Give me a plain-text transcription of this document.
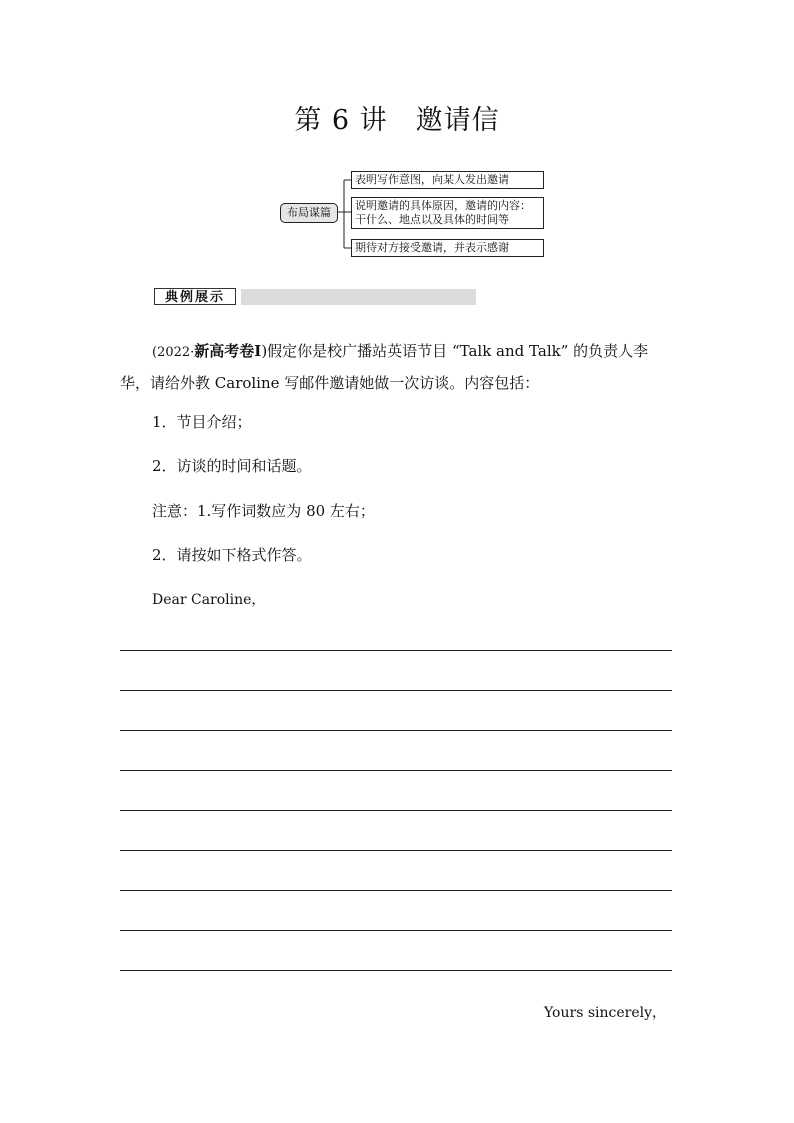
第 6 讲　邀请信
布局谋篇
表明写作意图，向某人发出邀请
说明邀请的具体原因，邀请的内容：干什么、地点以及具体的时间等
期待对方接受邀请，并表示感谢
典例展示
(2022·新高考卷Ⅰ)假定你是校广播站英语节目 “Talk and Talk” 的负责人李华，请给外教 Caroline 写邮件邀请她做一次访谈。内容包括：
1．节目介绍；
2．访谈的时间和话题。
注意：1.写作词数应为 80 左右；
2．请按如下格式作答。
Dear Caroline，
Yours sincerely，
